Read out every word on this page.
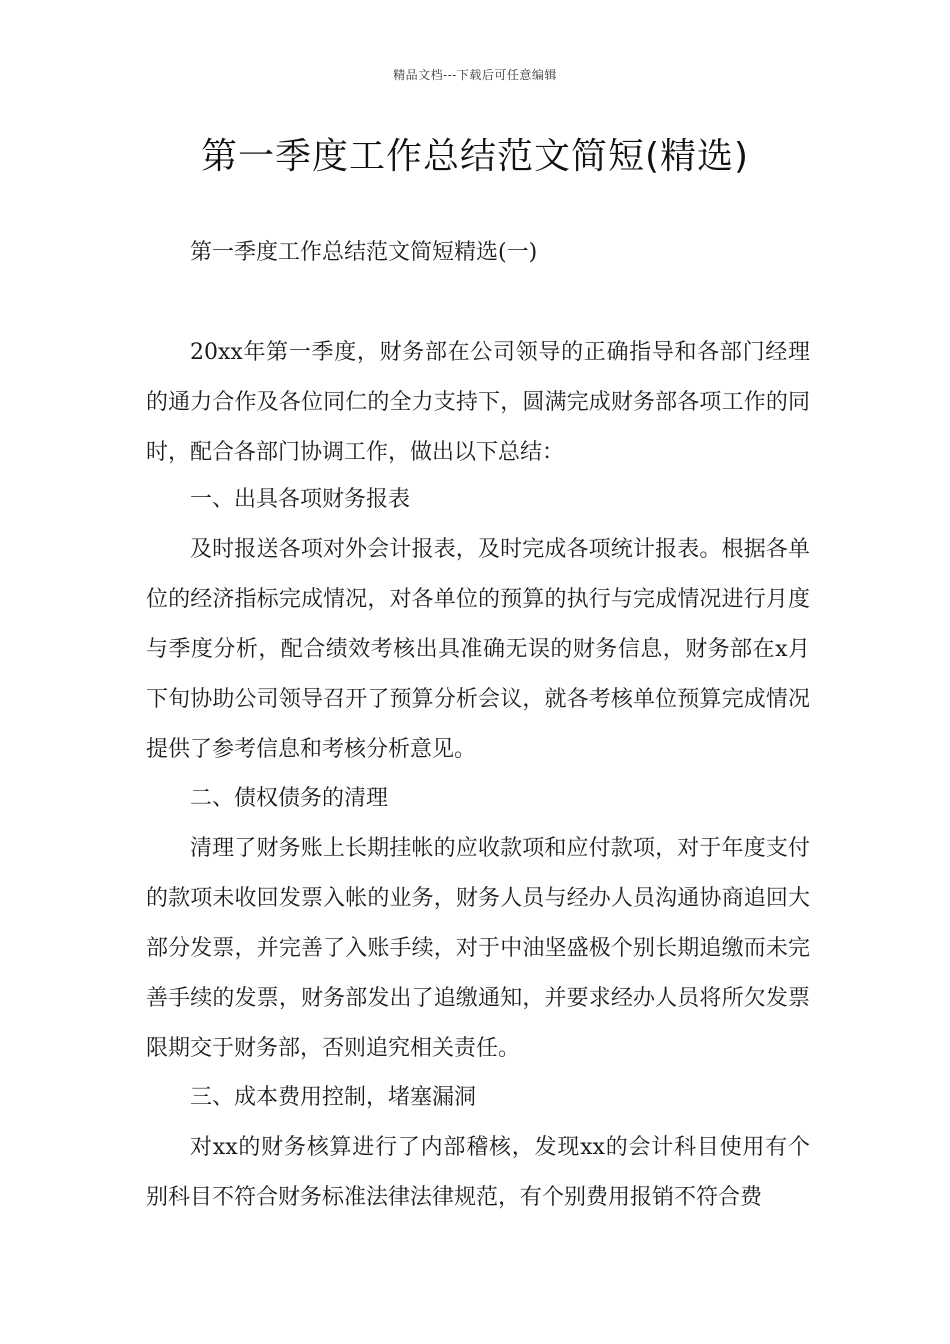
精品文档---下载后可任意编辑
第一季度工作总结范文简短(精选)

第一季度工作总结范文简短精选(一)

20xx年第一季度，财务部在公司领导的正确指导和各部门经理的通力合作及各位同仁的全力支持下，圆满完成财务部各项工作的同时，配合各部门协调工作，做出以下总结：

一、出具各项财务报表

及时报送各项对外会计报表，及时完成各项统计报表。根据各单位的经济指标完成情况，对各单位的预算的执行与完成情况进行月度与季度分析，配合绩效考核出具准确无误的财务信息，财务部在x月下旬协助公司领导召开了预算分析会议，就各考核单位预算完成情况提供了参考信息和考核分析意见。

二、债权债务的清理

清理了财务账上长期挂帐的应收款项和应付款项，对于年度支付的款项未收回发票入帐的业务，财务人员与经办人员沟通协商追回大部分发票，并完善了入账手续，对于中油坚盛极个别长期追缴而未完善手续的发票，财务部发出了追缴通知，并要求经办人员将所欠发票限期交于财务部，否则追究相关责任。

三、成本费用控制，堵塞漏洞

对xx的财务核算进行了内部稽核，发现xx的会计科目使用有个别科目不符合财务标准法律法律规范，有个别费用报销不符合费
